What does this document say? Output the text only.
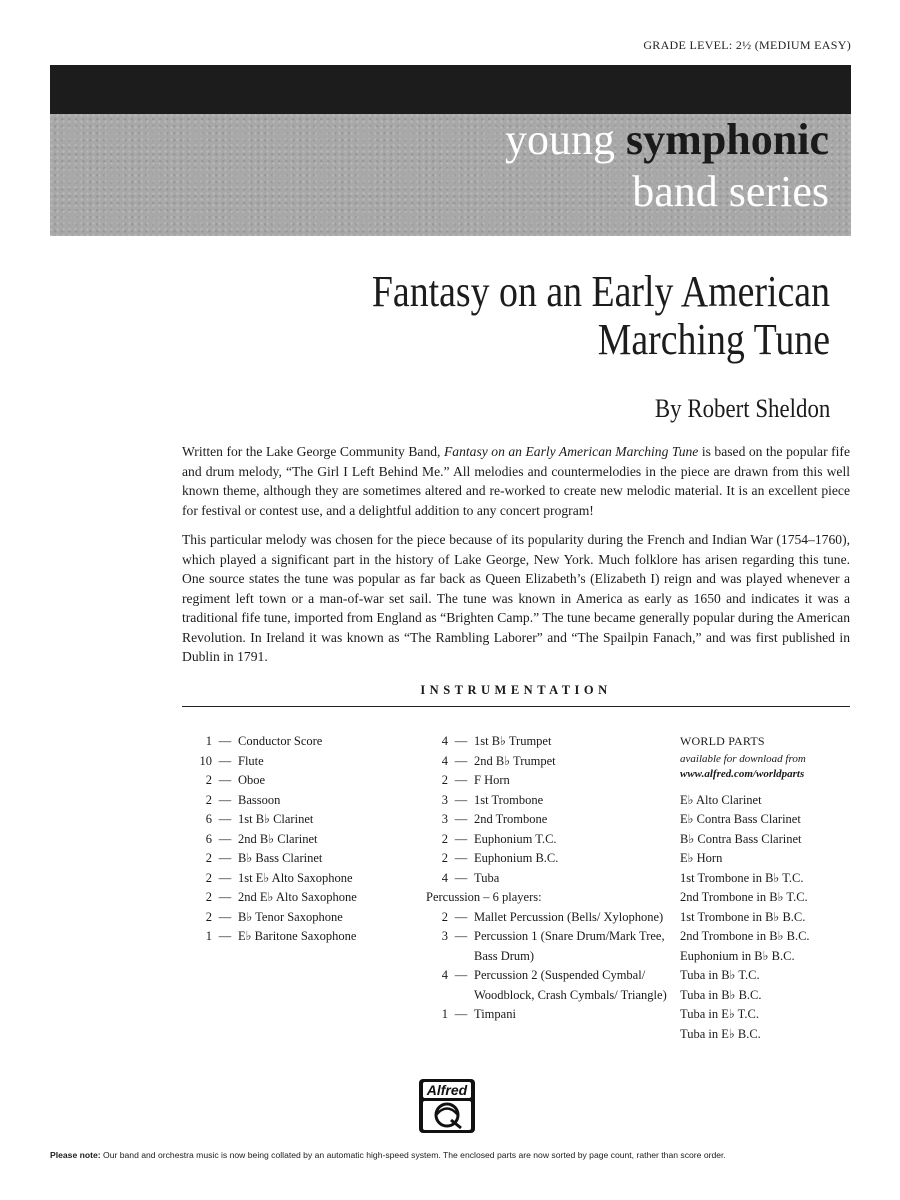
GRADE LEVEL: 2½ (MEDIUM EASY)
young symphonic
band series
Fantasy on an Early American
Marching Tune
By Robert Sheldon
Written for the Lake George Community Band, Fantasy on an Early American Marching Tune is based on the popular fife and drum melody, “The Girl I Left Behind Me.” All melodies and countermelodies in the piece are drawn from this well known theme, although they are sometimes altered and re-worked to create new melodic material. It is an excellent piece for festival or contest use, and a delightful addition to any concert program!
This particular melody was chosen for the piece because of its popularity during the French and Indian War (1754–1760), which played a significant part in the history of Lake George, New York. Much folklore has arisen regarding this tune. One source states the tune was popular as far back as Queen Elizabeth’s (Elizabeth I) reign and was played whenever a regiment left town or a man-of-war set sail. The tune was known in America as early as 1650 and indicates it was a traditional fife tune, imported from England as “Brighten Camp.” The tune became generally popular during the American Revolution. In Ireland it was known as “The Rambling Laborer” and “The Spailpin Fanach,” and was first published in Dublin in 1791.
INSTRUMENTATION
1 — Conductor Score
10 — Flute
2 — Oboe
2 — Bassoon
6 — 1st B♭ Clarinet
6 — 2nd B♭ Clarinet
2 — B♭ Bass Clarinet
2 — 1st E♭ Alto Saxophone
2 — 2nd E♭ Alto Saxophone
2 — B♭ Tenor Saxophone
1 — E♭ Baritone Saxophone
4 — 1st B♭ Trumpet
4 — 2nd B♭ Trumpet
2 — F Horn
3 — 1st Trombone
3 — 2nd Trombone
2 — Euphonium T.C.
2 — Euphonium B.C.
4 — Tuba
Percussion – 6 players:
2 — Mallet Percussion (Bells/ Xylophone)
3 — Percussion 1 (Snare Drum/Mark Tree, Bass Drum)
4 — Percussion 2 (Suspended Cymbal/ Woodblock, Crash Cymbals/ Triangle)
1 — Timpani
WORLD PARTS
available for download from
www.alfred.com/worldparts
E♭ Alto Clarinet
E♭ Contra Bass Clarinet
B♭ Contra Bass Clarinet
E♭ Horn
1st Trombone in B♭ T.C.
2nd Trombone in B♭ T.C.
1st Trombone in B♭ B.C.
2nd Trombone in B♭ B.C.
Euphonium in B♭ B.C.
Tuba in B♭ T.C.
Tuba in B♭ B.C.
Tuba in E♭ T.C.
Tuba in E♭ B.C.
Alfred
Please note: Our band and orchestra music is now being collated by an automatic high-speed system. The enclosed parts are now sorted by page count, rather than score order.
